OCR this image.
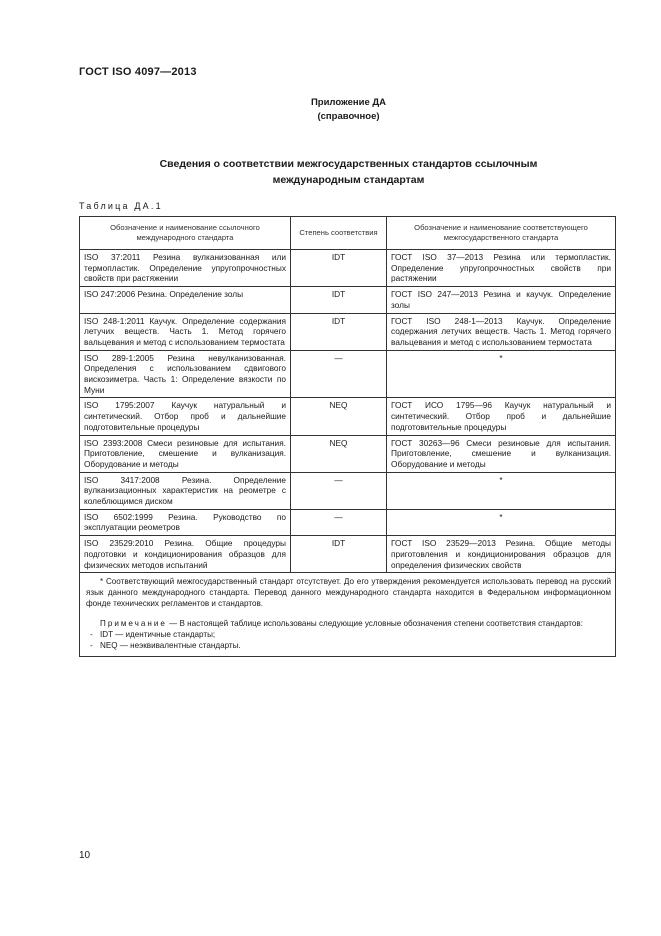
ГОСТ ISO 4097—2013
Приложение ДА
(справочное)
Сведения о соответствии межгосударственных стандартов ссылочным
международным стандартам
Таблица ДА.1
Обозначение и наименование ссылочного международного стандарта	Степень соответствия	Обозначение и наименование соответствующего межгосударственного стандарта
ISO 37:2011 Резина вулканизованная или термопластик. Определение упругопрочностных свойств при растяжении	IDT	ГОСТ ISO 37—2013 Резина или термопластик. Определение упругопрочностных свойств при растяжении
ISO 247:2006 Резина. Определение золы	IDT	ГОСТ ISO 247—2013 Резина и каучук. Определение золы
ISO 248-1:2011 Каучук. Определение содержания летучих веществ. Часть 1. Метод горячего вальцевания и метод с использованием термостата	IDT	ГОСТ ISO 248-1—2013 Каучук. Определение содержания летучих веществ. Часть 1. Метод горячего вальцевания и метод с использованием термостата
ISO 289-1:2005 Резина невулканизованная. Определения с использованием сдвигового вискозиметра. Часть 1: Определение вязкости по Муни	—	*
ISO 1795:2007 Каучук натуральный и синтетический. Отбор проб и дальнейшие подготовительные процедуры	NEQ	ГОСТ ИСО 1795—96 Каучук натуральный и синтетический. Отбор проб и дальнейшие подготовительные процедуры
ISO 2393:2008 Смеси резиновые для испытания. Приготовление, смешение и вулканизация. Оборудование и методы	NEQ	ГОСТ 30263—96 Смеси резиновые для испытания. Приготовление, смешение и вулканизация. Оборудование и методы
ISO 3417:2008 Резина. Определение вулканизационных характеристик на реометре с колеблющимся диском	—	*
ISO 6502:1999 Резина. Руководство по эксплуатации реометров	—	*
ISO 23529:2010 Резина. Общие процедуры подготовки и кондиционирования образцов для физических методов испытаний	IDT	ГОСТ ISO 23529—2013 Резина. Общие методы приготовления и кондиционирования образцов для определения физических свойств

* Соответствующий межгосударственный стандарт отсутствует. До его утверждения рекомендуется использовать перевод на русский язык данного международного стандарта. Перевод данного международного стандарта находится в Федеральном информационном фонде технических регламентов и стандартов.

Примечание — В настоящей таблице использованы следующие условные обозначения степени соответствия стандартов:

- IDT — идентичные стандарты;
- NEQ — неэквивалентные стандарты.
10
